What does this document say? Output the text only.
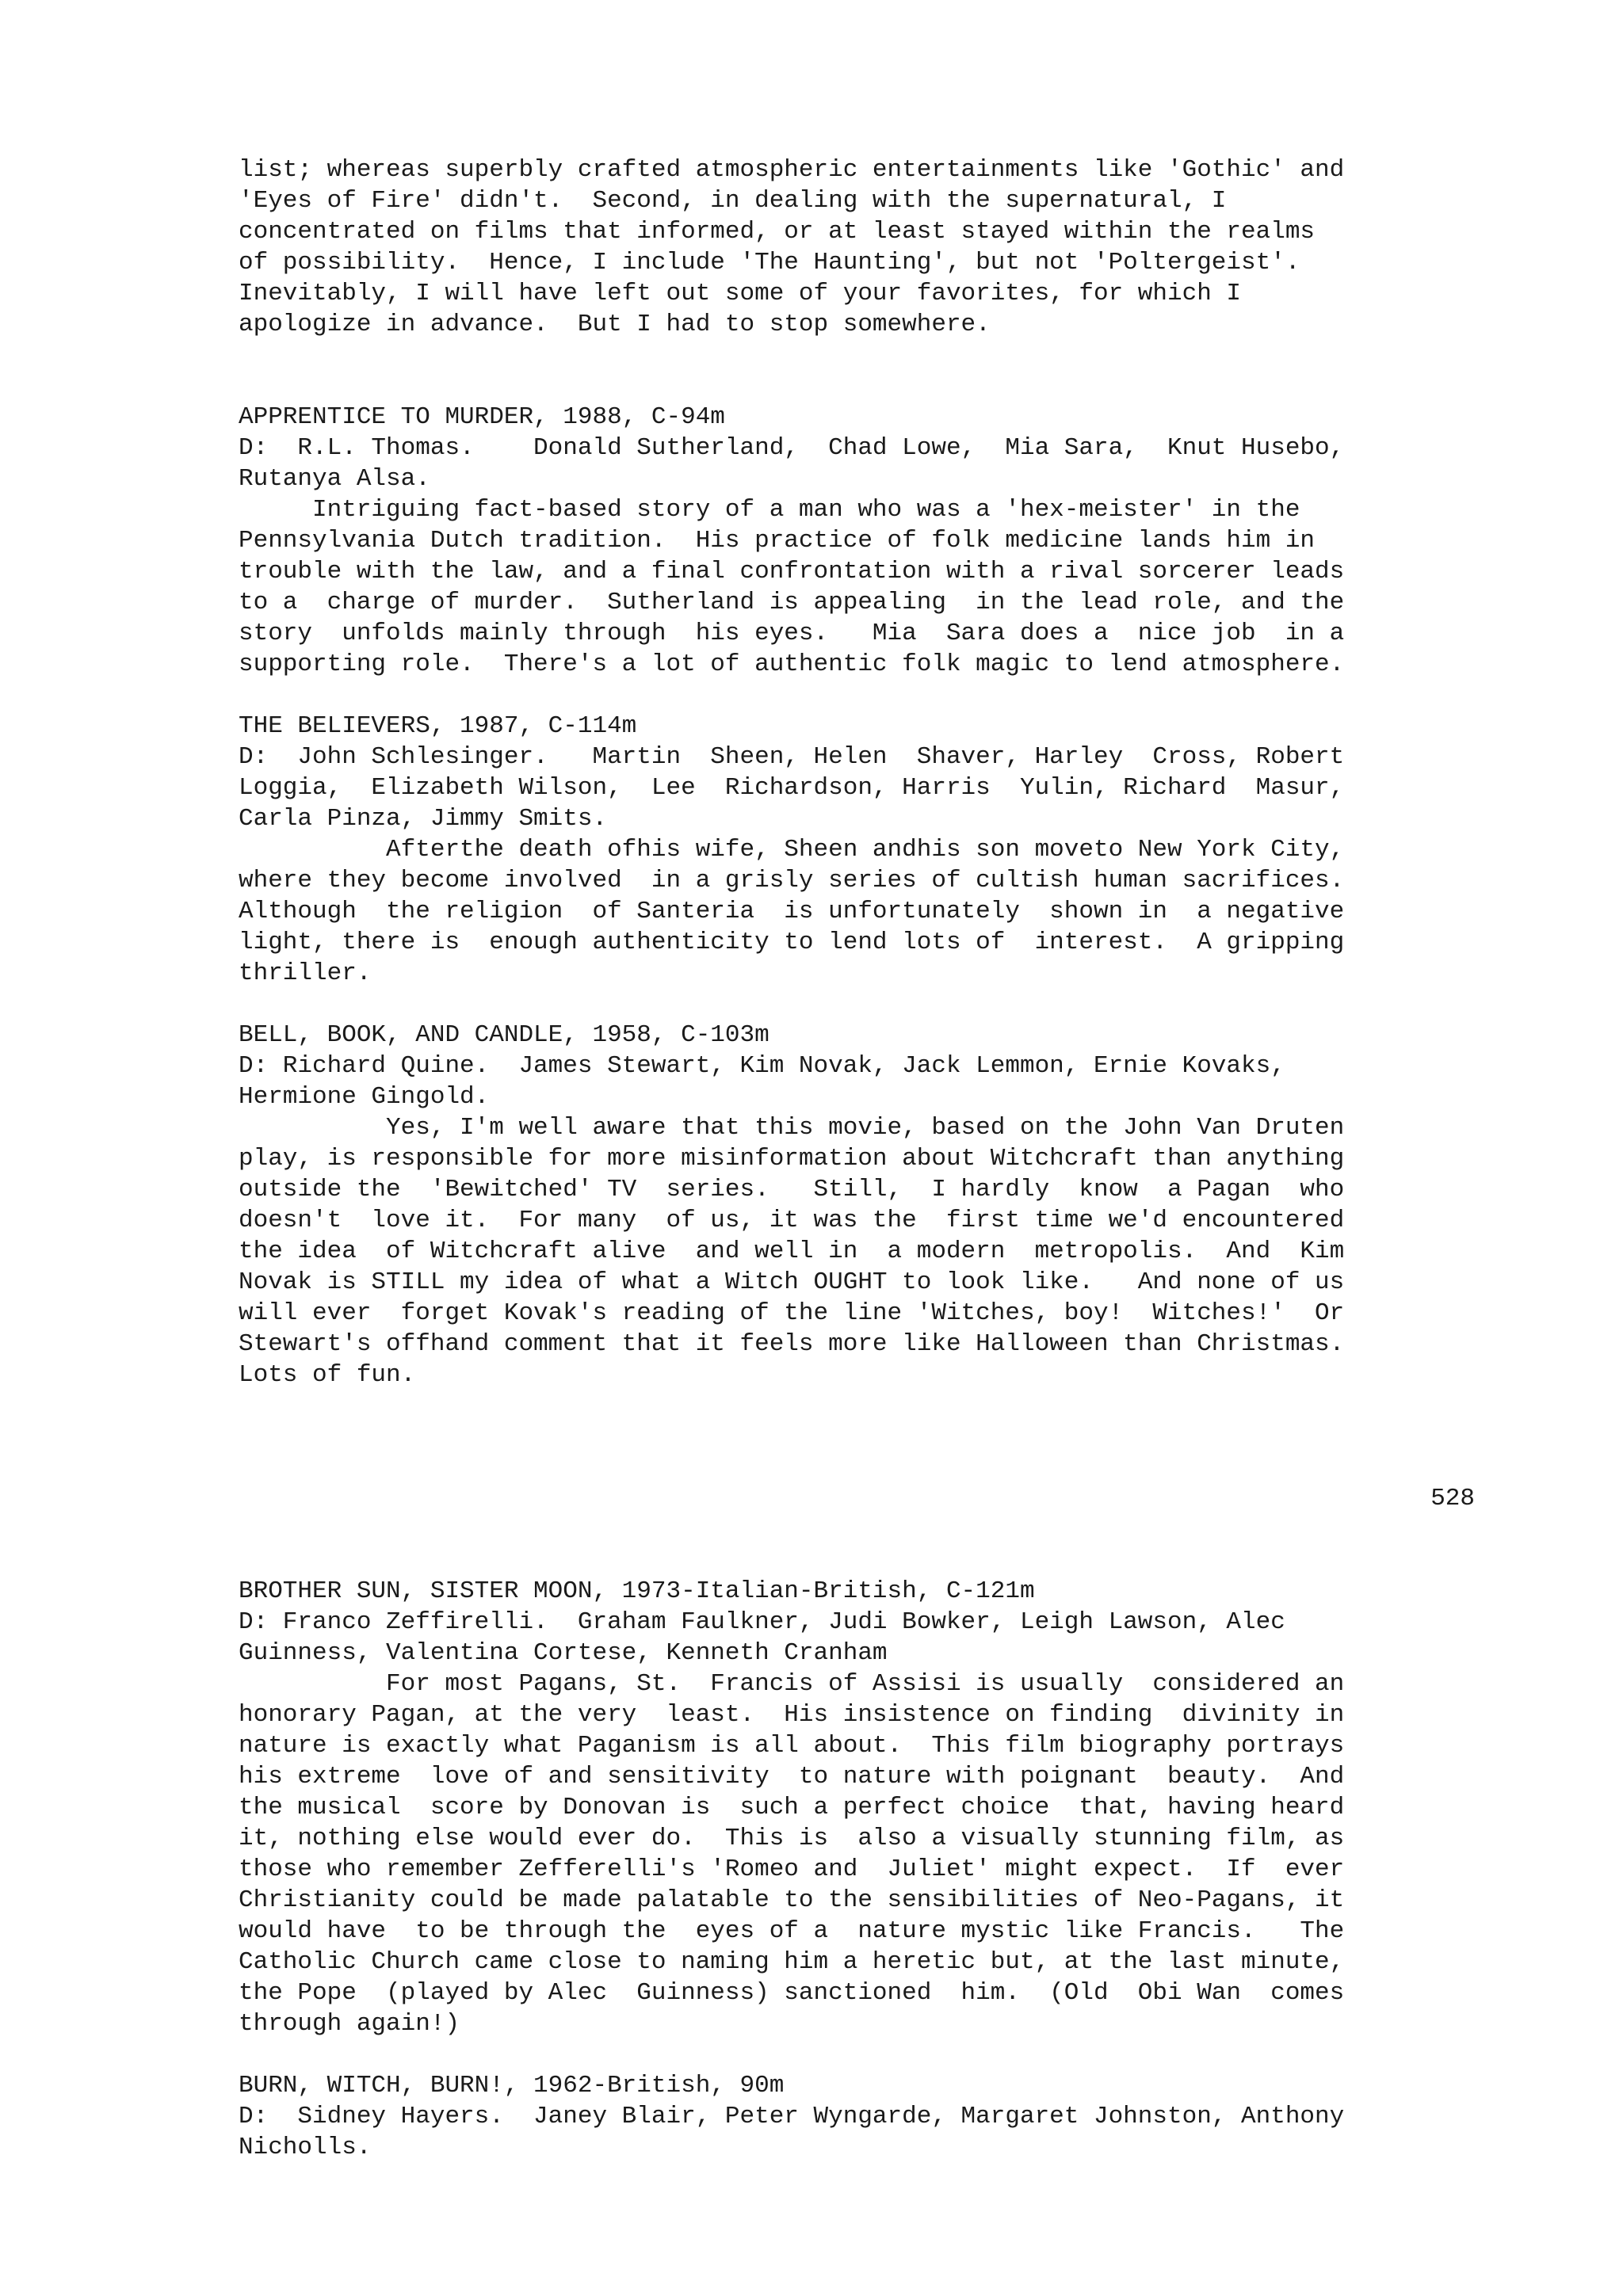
list; whereas superbly crafted atmospheric entertainments like 'Gothic' and
'Eyes of Fire' didn't.  Second, in dealing with the supernatural, I
concentrated on films that informed, or at least stayed within the realms
of possibility.  Hence, I include 'The Haunting', but not 'Poltergeist'.
Inevitably, I will have left out some of your favorites, for which I
apologize in advance.  But I had to stop somewhere.
APPRENTICE TO MURDER, 1988, C-94m
D:  R.L. Thomas.    Donald Sutherland,  Chad Lowe,  Mia Sara,  Knut Husebo,
Rutanya Alsa.
Intriguing fact-based story of a man who was a 'hex-meister' in the
Pennsylvania Dutch tradition.  His practice of folk medicine lands him in
trouble with the law, and a final confrontation with a rival sorcerer leads
to a  charge of murder.  Sutherland is appealing  in the lead role, and the
story  unfolds mainly through  his eyes.   Mia  Sara does a  nice job  in a
supporting role.  There's a lot of authentic folk magic to lend atmosphere.
THE BELIEVERS, 1987, C-114m
D:  John Schlesinger.   Martin  Sheen, Helen  Shaver, Harley  Cross, Robert
Loggia,  Elizabeth Wilson,  Lee  Richardson, Harris  Yulin, Richard  Masur,
Carla Pinza, Jimmy Smits.
Afterthe death ofhis wife, Sheen andhis son moveto New York City,
where they become involved  in a grisly series of cultish human sacrifices.
Although  the religion  of Santeria  is unfortunately  shown in  a negative
light, there is  enough authenticity to lend lots of  interest.  A gripping
thriller.
BELL, BOOK, AND CANDLE, 1958, C-103m
D: Richard Quine.  James Stewart, Kim Novak, Jack Lemmon, Ernie Kovaks,
Hermione Gingold.
Yes, I'm well aware that this movie, based on the John Van Druten
play, is responsible for more misinformation about Witchcraft than anything
outside the  'Bewitched' TV  series.   Still,  I hardly  know  a Pagan  who
doesn't  love it.  For many  of us, it was the  first time we'd encountered
the idea  of Witchcraft alive  and well in  a modern  metropolis.  And  Kim
Novak is STILL my idea of what a Witch OUGHT to look like.   And none of us
will ever  forget Kovak's reading of the line 'Witches, boy!  Witches!'  Or
Stewart's offhand comment that it feels more like Halloween than Christmas.
Lots of fun.
528
BROTHER SUN, SISTER MOON, 1973-Italian-British, C-121m
D: Franco Zeffirelli.  Graham Faulkner, Judi Bowker, Leigh Lawson, Alec
Guinness, Valentina Cortese, Kenneth Cranham
For most Pagans, St.  Francis of Assisi is usually  considered an
honorary Pagan, at the very  least.  His insistence on finding  divinity in
nature is exactly what Paganism is all about.  This film biography portrays
his extreme  love of and sensitivity  to nature with poignant  beauty.  And
the musical  score by Donovan is  such a perfect choice  that, having heard
it, nothing else would ever do.  This is  also a visually stunning film, as
those who remember Zefferelli's 'Romeo and  Juliet' might expect.  If  ever
Christianity could be made palatable to the sensibilities of Neo-Pagans, it
would have  to be through the  eyes of a  nature mystic like Francis.   The
Catholic Church came close to naming him a heretic but, at the last minute,
the Pope  (played by Alec  Guinness) sanctioned  him.  (Old  Obi Wan  comes
through again!)
BURN, WITCH, BURN!, 1962-British, 90m
D:  Sidney Hayers.  Janey Blair, Peter Wyngarde, Margaret Johnston, Anthony
Nicholls.
